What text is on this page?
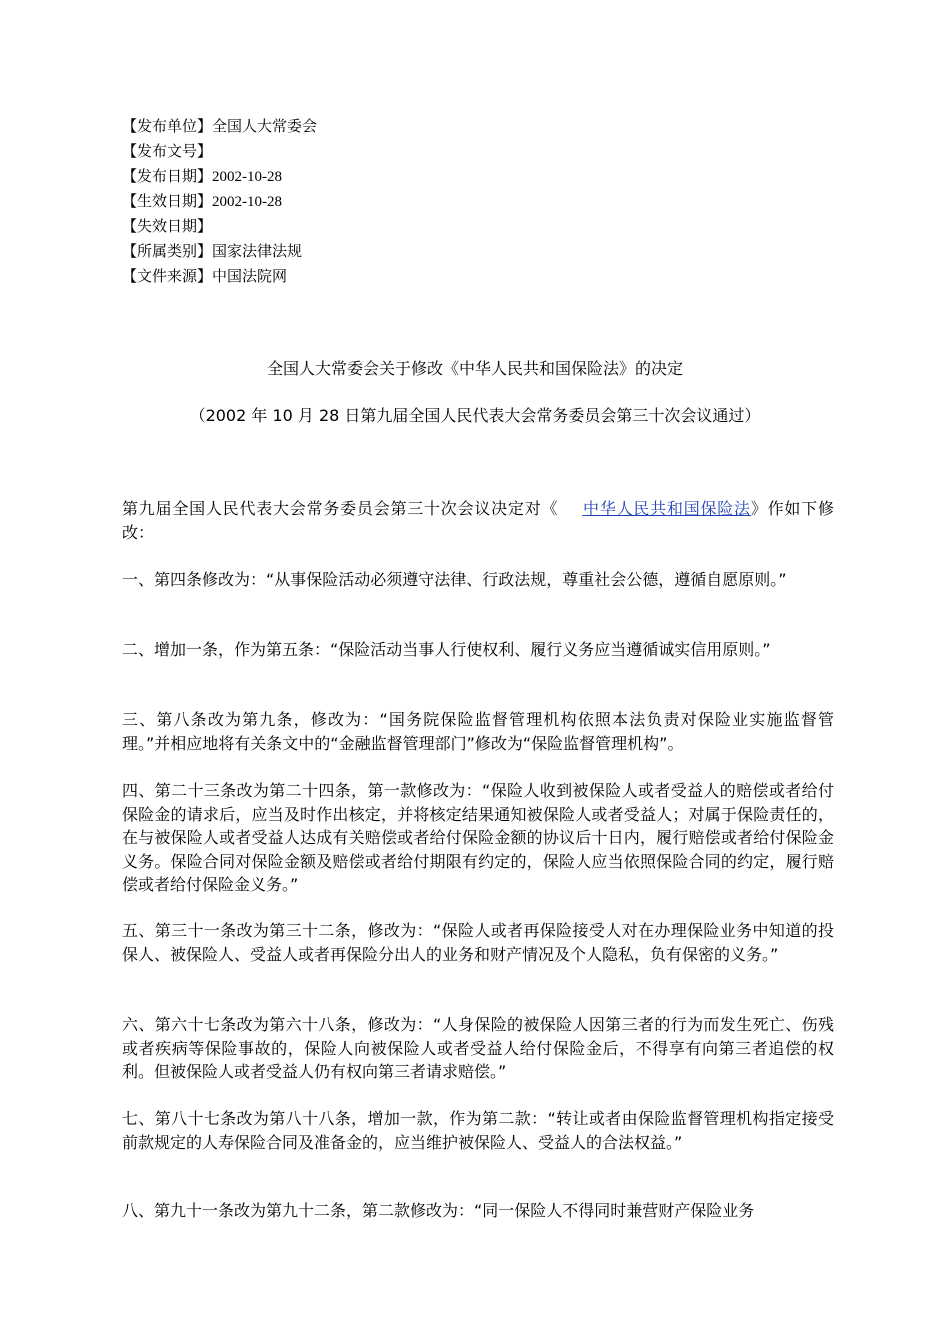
【发布单位】全国人大常委会
【发布文号】
【发布日期】2002-10-28
【生效日期】2002-10-28
【失效日期】
【所属类别】国家法律法规
【文件来源】中国法院网
全国人大常委会关于修改《中华人民共和国保险法》的决定
（2002 年 10 月 28 日第九届全国人民代表大会常务委员会第三十次会议通过）
第九届全国人民代表大会常务委员会第三十次会议决定对《 中华人民共和国保险法》作如下修改：
一、第四条修改为：“从事保险活动必须遵守法律、行政法规，尊重社会公德，遵循自愿原则。”
二、增加一条，作为第五条：“保险活动当事人行使权利、履行义务应当遵循诚实信用原则。”
三、第八条改为第九条，修改为：“国务院保险监督管理机构依照本法负责对保险业实施监督管理。”并相应地将有关条文中的“金融监督管理部门”修改为“保险监督管理机构”。
四、第二十三条改为第二十四条，第一款修改为：“保险人收到被保险人或者受益人的赔偿或者给付保险金的请求后，应当及时作出核定，并将核定结果通知被保险人或者受益人；对属于保险责任的，在与被保险人或者受益人达成有关赔偿或者给付保险金额的协议后十日内，履行赔偿或者给付保险金义务。保险合同对保险金额及赔偿或者给付期限有约定的，保险人应当依照保险合同的约定，履行赔偿或者给付保险金义务。”
五、第三十一条改为第三十二条，修改为：“保险人或者再保险接受人对在办理保险业务中知道的投保人、被保险人、受益人或者再保险分出人的业务和财产情况及个人隐私，负有保密的义务。”
六、第六十七条改为第六十八条，修改为：“人身保险的被保险人因第三者的行为而发生死亡、伤残或者疾病等保险事故的，保险人向被保险人或者受益人给付保险金后，不得享有向第三者追偿的权利。但被保险人或者受益人仍有权向第三者请求赔偿。”
七、第八十七条改为第八十八条，增加一款，作为第二款：“转让或者由保险监督管理机构指定接受前款规定的人寿保险合同及准备金的，应当维护被保险人、受益人的合法权益。”
八、第九十一条改为第九十二条，第二款修改为：“同一保险人不得同时兼营财产保险业务
